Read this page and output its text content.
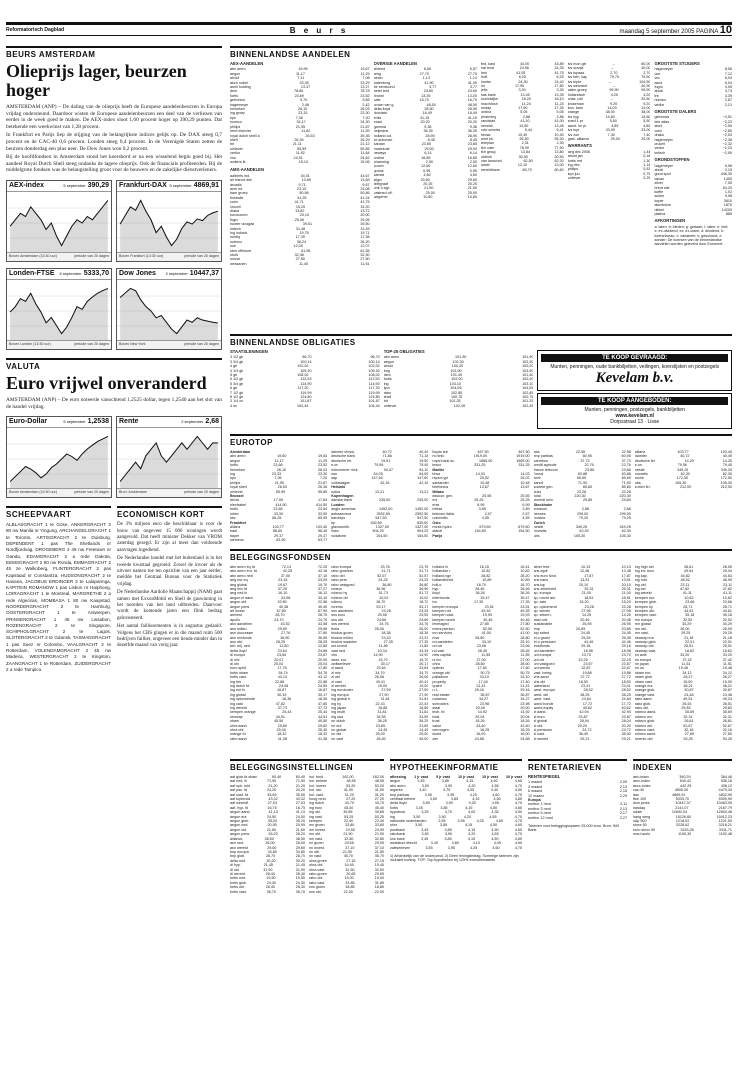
Reformatorisch Dagblad	B e u r s	maandag 5 september 2005 PAGINA 10
BEURS AMSTERDAM
Olieprijs lager, beurzen hoger

AMSTERDAM (ANP) – De daling van de olieprijs heeft de Europese aandelenbeurzen in Europa vrijdag ondersteund. Daardoor wisten de Europese aandelenbeurzen een deel van de verliezen van eerder in de week goed te maken. De AEX-index sloot 1,60 procent hoger op 390,29 punten. Dat betekende een weekwinst van 1,28 procent.

In Frankfurt en Parijs liep de stijging van de belangrijkste indices gelijk op. De DAX steeg 0,7 procent en de CAC-40 0,6 procent. Londen steeg 0,4 procent. In de Verenigde Staten zetten de beurzen donderdag een plus neer. De Dow Jones won 0,2 procent.

Bij de hoofdfondsen in Amsterdam stond het koersbord er na een wisselend begin goed bij. Het aandeel Royal Dutch Shell steeg ondanks de lagere olieprijs. Ook de financials profiteerden. Bij de middelgrote fondsen was de belangstelling groot voor de bouwers en de zakelijke dienstverleners.

AEX-index	5 september 390,29
Boven Amsterdam (13:30 uur)	periode van 20 dagen
Frankfurt-DAX 5 september 4869,91
Boven Frankfurt (13:30 uur)	periode van 20 dagen
Londen-FTSE 5 september 5333,70
Boven Londen (13:30 uur)	periode van 20 dagen
Dow Jones 2 september 10447,37
Boven New York	periode van 20 dagen
VALUTA
Euro vrijwel onveranderd
AMSTERDAM (ANP) – De euro noteerde vanochtend 1,2525 dollar, tegen 1,2540 aan het slot van de handel vrijdag.
Euro-Dollar	5 september 1,2538
Boven Amsterdam (13:30 uur)	periode van 20 dagen
Rente	2 september 2,68
Bron: Amsterdam	periode van 20 dagen
SCHEEPVAART
ALBLASGRACHT 1 te Gose, ANKERGRACHT 2 80 nw Manila nr Yingung, ARCHANGELGRACHT 1 te Toronto, ARTISGRACHT 2 te Duisburg, DEPENDENT 1 pas The Shetlands nr Nordfjordvag, DROGEBERG 2 45 nw Freetown nr Ganda, EDAMGRACHT 2 a rede Dakota, EEMSGRACHT 2 80 nw Ronda, EMMAGRACHT 2 45 ze Walkoberg, FLINTERGRACHT 2 pas Kapstaad nr Constantza, HUDSONGRACHT 2 te Havana, JACOBUS ERDINGER 2 te Lalaparinga, KAPITEIN ROMANOW 1 pas Lisbon nr Haiphong, LOIRAGRACHT 1 te Montreal, MARGRETHE 2 a rede Algeciras, MOMBASA 1 80 nw Kaapstad, NOORDERGRACHT 2 te Hamburg, OOSTERGRACHT 1 te Antwerpen, PRINSENGRACHT 1 45 nw Lissabon, ROZENGRACHT 2 te Singapore, SCHIPHOLGRACHT 2 te Lagos, SLOTERGRACHT 2 te Gdansk, TASMANGRACHT 1 pas Suez nr Colombo, VAALGRACHT 2 te Rotterdam, VOLENDAMGRACHT 2 45 nw Madeira, WESTERGRACHT 2 te Kingston, ZAANGRACHT 1 te Rotterdam, ZUIDERGRACHT 2 a rede Tampico.
ECONOMISCH KORT

De 3% miljoen euro die beschikbaar is voor de bouw van ongeveer 15 000 woningen wordt aangevuld. Dat heeft minister Dekker van VROM zaterdag gezegd. Er zijn al meer dan voldoende aanvragen ingediend.

De Nederlandse handel met het buitenland is in het tweede kwartaal gegroeid. Zowel de invoer als de uitvoer namen toe ten opzichte van een jaar eerder, meldde het Centraal Bureau voor de Statistiek vrijdag.

De Nederlandse Aardolie Maatschappij (NAM) gaat samen met ExxonMobil en Shell de gaswinning in het noorden van het land uitbreiden. Daarvoor wordt de komende jaren een flink bedrag geïnvesteerd.

Het aantal faillissementen is in augustus gedaald. Volgens het CBS gingen er in die maand ruim 500 bedrijven failliet, ongeveer een tiende minder dan in dezelfde maand van vorig jaar.

BINNENLANDSE AANDELEN
AEX-AANDELEN
abn amro	19,99	19,67
aegon	11,17	11,29
ahold	7,11	7,08
akzo nobel	33,35	33,29
asml holding	13,37	13,27
dsm	78,86	78,78
fortis	23,69	23,52
getronics	9,70	9,65
hagemeyer	2,46	2,42
heineken	26,10	26,03
ing groep	23,33	23,30
kpn	7,36	7,20
numico	34,17	34,30
philips	21,95	21,87
reed elsevier	11,62	11,59
royal dutch shell a	26,53	26,36
shell	26,35	26,29
tnt	21,11	21,12
unilever	55,99	55,85
vedior	11,92	11,64
vnu	24,91	24,62
wolters kl.	15,10	15,06
AMX-AANDELEN
aalberts ind.	44,01	43,67
air france-klm	13,69	13,69
arcadis	9,71	9,67
asm int.	23,10	23,08
bam groep	50,98	50,86
boskalis	41,25	41,24
corio	41,71	41,75
crucell	15,20	15,20
draka	13,82	13,72
eurocomm.	20,10	20,00
fugro	25,06	25,05
hunter douglas	39,51	39,50
imtech	31,48	31,49
ing industr.	19,75	19,71
mediq	17,39	17,38
nutreco	36,24	36,20
oce	12,05	12,07
sbm offshore	61,55	61,55
stork	32,46	32,30
univar	27,50	27,50
wessanen	11,40	11,51
OVERIGE AANDELEN
ahrend	6,60	6,57
amg	27,70	27,70
bever	1,13	1,13
batenburg	41,90	41,90
be semicond.	3,77	3,77
beter bed	24,60	24,60
brunel	13,25	13,25
cate	16,70	16,70
crown van g.	48,50	48,50
delta lloyd	28,50	28,50
docdata	18,49	18,49
eriks	41,15	41,15
exact	20,20	20,20
gamma	9,38	9,38
heijmans	36,35	36,35
holland col.	28,90	28,90
ict automat.	8,45	8,45
kardan	23,65	23,65
macintosh	29,00	29,00
neways	6,14	6,14
ordina	16,85	16,85
pharming	2,50	2,50
punch	12,60	12,60
qurius	0,95	0,95
samas	4,60	4,60
sligro	29,60	29,60
telegraaf	20,25	20,25
unit 4 agr.	21,50	21,50
vastned off.	25,00	25,00
wegener	10,80	10,80
fed. kast	44,00	43,89
hal trust	24,56	24,35
hes	41,05	41,75
hoff.	6,25	6,25
hunter	24,30	24,42
ict	17,90	17,80
jetix	3,30	3,30
kas bank	13,45	13,35
koninklijke	18,20	18,10
macintosh	11,24	11,24
nedap	17,50	17,35
ordina	5,05	5,05
pharming	2,88	2,86
randstad	41,10	41,00
reesink	13,50	13,45
roto smeets	5,44	5,41
simac	10,40	10,40
smit int.	55,50	55,30
teleplan	2,31	2,30
ten cate	78,00	77,90
tkh group	13,84	13,80
ubbink	30,50	30,50
van lanschot	62,50	62,30
wavin	13,10	13,00
wereldhave	80,70	80,60
ivs mon gel	–	60,00
ivs oranje	–	40,00
ivs topaas	2,70	2,70
ivs beh. kap	79,75	79,50
ivs triple	–	104,50
ivs welvaart	–	40,90
claim groep	99,90	99,90
hollandsch	4,25	4,25
chas. pfd	–	92,60
kruseman	9,20	9,20
kon. bam	14,00	14,00
orange	38,00	38,00
ivs hyp	14,60	14,60
sned 1 pr	5,50	5,50
aand. hn pr	4,85	4,85
ivs topf	33,00	33,00
ivs zon	7,40	7,40
gast. alliance	25,00	25,00
WARRANTS
aeg dec 2006	1,44
ahold jan	0,18
fortis mrt	1,30
ing dec	1,14
philips	0,53
kpn jun	0,75
unilever	2,25
GROOTSTE STIJGERS
hagemeyer	8,56
oce	7,12
vnu	6,94
asml	6,04
fugro	4,05
ahold	3,74
tnt	3,39
numico	2,87
vedior	2,21
GROOTSTE DALERS
getronics	−4,51
tele atlas	−3,23
stork	−2,94
corio	−2,80
draka	−2,53
hagemeyer	−2,38
crucell	−2,32
vedior	−2,23
imtech	−2,09
GRONDSTOFFEN
hagemeyer	0,96
ahold	2,15
goud spot	446,30
cacao	1450
zilver	7,05
brent olie	64,20
koffie	1,02
suiker	9,98
koper	3810
aluminium	1870
nikkel	14200
platina	885
AFKORTINGEN
a: laten; b: bieden; g: gedaan; l: laten; n: niet; e: ex-dividend; ex: ex-claim; d: dividend; k: koersniveau; v: variabele; s: geschorst; z: zonder; De koersen van de binnenlandse aandelen worden geleverd door Euronext.
BINNENLANDSE OBLIGATIES
STAATSLENINGEN
3 1/2 gb	96,70	96,70
3 3/4 gb	100,14	100,14
4 gb	102,02	102,02
4 1/4 gb	105,30	105,30
5 gb	108,02	108,02
5 1/2 gb	112,53	112,53
5 3/4 gb	114,90	114,90
6 gb	117,20	117,20
7 1/2 gb	119,99	119,99
8 1/2 gb	124,80	124,80
3 1/4 ov	101,87	101,87
4 ov	104,44	104,44
TOP-25 OBLIGATIES
abn amro	101,90	101,90
aegon	102,30	102,30
ahold	100,20	100,20
bng	103,90	103,90
dsm	101,40	101,40
fortis	102,00	102,00
ing	103,10	103,10
kpn	104,05	104,05
rabo	102,85	102,85
shell	100,75	100,75
tnt	101,25	101,25
unilever	102,45	102,45
TE KOOP GEVRAAGD:
Munten, penningen, oude bankbiljetten, veilingen, koerslijsten en postzegels
Kevelam b.v.
TE KOOP AANGEBODEN:
Munten, penningen, postzegels, bankbiljetten
www.kevelam.nl
Dorpsstraat 13 · Lisse
EUROTOP
Amsterdam
abn amro	19,60	19,63
aegon	11,17	11,29
fortis	23,68	23,52
heineken	26,10	26,03
ing	23,33	23,30
kpn	7,36	7,20
philips	21,95	21,87
royal shell	26,53	26,36
unilever	55,99	55,85
Brussel
dexia	17,55	17,64
electrabel	414,50	414,50
fortis	23,65	23,54
inbev	33,30	33,50
kbc	66,25	65,95
Frankfurt
allianz	103,77	103,40
basf	58,60	58,40
bayer	29,37	29,37
siemens	63,90	63,77
daimler chrysl.	40,72	40,49
deutsche bank	71,86	71,18
deutsche tel.	19,51	19,50
e.on	79,56	79,45
münchener rück	94,47	94,10
rwe	54,05	54,05
sap	147,60	147,60
volkswagen	42,16	42,16
Helsinki
nokia	13,21	13,21
Kopenhagen
danske bank	235,00	235,00
Londen
anglo american	1452,00	1452,00
astrazeneca	2592,50	2592,50
barclays	547,50	547,50
bp	630,50	630,50
glaxosmith.	1327,00	1327,00
hsbc	904,25	904,25
vodafone	154,50	154,50
lloyds tsb	467,50	467,50
rio tinto	1919,00	1919,00
royal bank sc.	1665,00	1665,00
tesco	331,25	331,25
Madrid
bbva	14,03	14,03
repsol ypf	25,02	25,02
santander	10,48	10,48
telefonica	13,67	13,67
Milaan
assicur. gen.	25,55	25,55
eni	25,25	25,25
enel	6,99	6,99
intesa	3,89	3,89
telecom italia	2,57	2,57
unicredito	4,55	4,55
Oslo
norsk hydro	679,50	679,50
statoil	154,50	154,50
Parijs
axa	22,56	22,56
bnp paribas	60,95	60,95
carrefour	37,73	37,73
credit agricole	22,76	22,76
france telecom	23,86	23,86
l'oreal	63,88	63,88
lvmh	65,69	65,69
sanofi	71,90	71,90
societe gen.	85,60	85,60
suez	23,26	23,26
total	220,30	220,30
vivendi univ.	25,80	25,80
Stockholm
ericsson	2,88	2,88
hennes	299,00	299,00
nordea	79,25	79,25
Zurich
nestle	349,25	349,25
novartis	62,30	62,30
ubs	105,30	105,30
allianz	103,77	103,40
daimler	40,72	40,49
deutsche tel.	14,20	14,20
e.on	79,56	79,45
nestle	349,25	349,25
novartis	62,30	62,30
roche	172,50	172,50
ubs	105,30	105,30
zurich fin.	212,00	212,00
BELEGGINGSFONDSEN
abn amro eq fd	72,13	72,25
abn amro eur. fd	42,25	42,16
abn amro ned	37,00	37,10
aeg eur eq	23,16	23,20
aeg global	19,67	19,70
aeg mix fd	37,25	37,27
aeg ned fd	16,10	16,12
aegon nl aand	34,08	34,10
aegon obl	22,60	22,58
aegon pens	40,38	40,40
alt invest	67,80	67,90
amvest	28,70	28,75
apollo	24,70	24,70
asn aandelen	43,52	43,58
asn milieu	29,60	29,66
asn duurzaam	27,76	27,80
asn mixfonds	36,50	36,55
asn obl.	28,25	28,25
bel. mij. ned	12,80	12,80
delta lloyd	24,64	24,66
dl europa	23,66	23,67
dl mix	20,07	20,09
dl obl	25,04	25,04
euro spirit	17,75	17,80
fortis obam	54,74	54,78
fortis vast.	43,10	43,12
ing ber	22,88	22,88
ing dutch fd	24,48	24,50
ing eur fd	16,87	16,87
ing global	30,15	30,17
ing opkomende	18,36	18,36
ing vast	47,82	47,80
ing wereld	37,73	37,73
kempen orange	25,44	25,44
newcap	44,51	44,51
obam	45,50	45,50
ohra aand	29,80	29,82
ohra obl.	25,40	25,40
orange fd	18,32	18,32
rabo aand	31,38	31,38
rabo europa	23,78	23,78
rabo groeiers	31,71	31,71
rabo obl	52,57	52,57
rabo pers	24,25	24,25
rabo vastgoed	36,80	36,80
robeco	36,96	36,96
robeco hy	51,73	51,73
robeco obl	10,02	10,02
rolinco	18,70	18,70
rorento	53,17	53,17
sns aandelen	23,28	23,28
sns euro	25,55	25,55
sns obl.	24,66	24,66
sns wereld	24,76	24,76
theta	26,00	26,00
triodos groen	18,38	18,38
triodos milieu	23,33	23,33
triodos waarden	27,35	27,35
uni-invest	11,85	11,85
vast ned	43,34	43,34
vhs	14,90	14,90
west. eur.	15,70	15,70
zwitserleven	30,17	30,17
zl aand	23,64	23,64
zl mix	34,79	34,79
zl obl	26,06	26,06
zl vast	40,41	40,41
zl wereld	19,00	19,00
ing euroboter	27,59	27,59
ing europa	27,90	27,90
ing global h.	31,61	31,61
ing hy	22,43	22,43
ing japan	16,86	16,86
ing multi	31,81	31,81
ing usa	34,55	34,55
nn dutch	36,25	36,25
nn eur	23,85	23,85
nn global	14,45	14,45
nn obl	25,00	25,00
nn vast	45,00	45,00
holland fd	16,15	16,41
hollandse r.	10,82	10,82
holland.vgn	28,82	28,20
hollandfonds	10,89	10,89
holl.o.	16,70	16,70
hyp.	28,46	28,46
ikoyi	36,26	36,26
interbonds	39,47	39,47
ivs	17,35	17,35
kempen europa	23,51	23,51
kempen obl	49,35	49,35
kempen vast.	19,93	19,93
kempen world	40,46	40,46
leveraged	27,80	27,80
mees pierson	52,50	52,50
mn services	41,00	41,00
mvs	28,80	28,80
nd aandelen	33,10	33,10
nd obl	23,06	23,06
nd vast	28,45	28,45
new capital	11,55	11,55
nl inv.	27,00	27,00
ohra	28,60	28,60
optimix	17,60	17,60
orange obl	50,75	50,75
palladium	33,10	33,10
property	17,40	17,40
quant	21,41	21,41
r.i.t.	29,16	29,16
real estate	36,87	36,87
rodamco	34,27	34,27
schroders	23,98	23,98
staal	20,00	20,00
tech. fd	14,92	14,92
total	20,04	20,04
trust	18,26	18,26
value	43,40	43,40
vermogen	18,25	18,25
world	16,00	16,00
zen	24,68	24,68
silver tree	10,13	10,13
sns egdf	12,48	12,48
sns euro fund	17,87	17,87
sns kans	13,51	13,51
sns top	20,10	20,10
sns zekerheid	25,31	25,31
sp. europa	21,00	21,00
sp. noord am.	18,51	18,51
sp. azie	15,20	15,20
sp. opkomend	23,28	23,28
sp. wereld	27,95	27,95
sp. zekerh.	14,25	14,25
stad rott.	20,46	20,46
sustainable	26,95	26,95
tmp	20,89	20,89
top select	24,45	24,45
tri.o groen	25,35	25,35
tri.o pensioen	44,46	44,46
trustfonds	29,16	29,16
uni aandelen	18,98	18,98
uni europa	23,70	23,70
uni obl	32,25	32,25
uni vastgoed	23,57	23,57
uni wereld	32,87	32,87
vast. beleg.	19,88	19,88
vhs aand	27,72	27,72
vhs obl	18,50	18,50
waterland	23,41	23,41
west. europa	28,52	28,52
west. obl	38,25	38,25
west. vast.	24,84	24,84
world bonds	17,72	17,72
world equity	40,62	40,62
zl aand.	42,94	42,94
zl euro	23,87	23,87
zl global	28,04	28,04
zl obl.	20,20	20,20
zl pensioen	24,72	24,72
zl vast.	36,40	36,40
zl wereld	29,21	29,21
ing high sel.	28,61	28,05
ing inv. fund	29,54	29,44
ing kap.	44,82	44,63
ing mid.	46,02	46,09
ing obl.	23,11	23,11
ing sel.	47,82	47,82
ing wereld	41,11	41,11
kempen eur.	10,62	10,62
kempen glob.	23,66	23,66
kempen hy	28,71	28,71
kempen obl.	44,61	44,61
kempen vast.	35,18	35,18
mn europa	32,52	32,52
mn global	30,29	30,29
mn obl.	26,00	26,00
mn vast.	29,25	29,25
newcap eur.	21,18	21,18
newcap glob.	22,01	22,01
newcap obl.	25,51	25,51
newcap vast.	18,62	18,62
nn azie	33,20	33,20
nn europa	37,42	37,42
nn japan	11,51	11,51
nn us	19,48	19,48
obam eur.	34,12	34,12
obam glob.	28,27	28,27
obam vast.	15,00	15,00
orange eur.	46,21	46,21
orange glob.	30,87	30,87
orange vast.	24,48	24,48
rabo aand.	49,24	49,24
rabo glob.	26,51	26,51
rabo obl.	29,83	29,83
robeco aand.	35,69	35,69
robeco eur.	32,31	32,31
robeco glob.	26,81	26,81
robeco obl.	52,67	52,67
robeco vast.	32,16	32,16
rolinco aand.	27,69	27,69
rorento obl.	53,25	53,25
BELEGGINGSINSTELLINGEN
aaf glob.fd.obam	60,40	60,40
aaf ned. fd	71,90	71,90
aaf opk. mkt	21,20	21,20
aaf pac. fd	24,20	24,20
aaf sust. fd	35,65	35,65
aaf topfonds	43,32	43,32
aaf wereldf.	27,03	27,03
aaf. hyp. fd	16,75	16,75
aegon aand.	41,13	41,13
aegon eur.	24,50	24,50
aegon glob.	35,20	35,20
aegon ned.	20,95	20,95
aegon obl.	21,60	21,60
aegon pens.	26,20	26,20
alliance	38,50	38,50
asn ned.	26,00	26,00
asn wereld	29,60	29,60
bnp europa	34,80	34,80
bnp glob.	28,70	28,70
delta ned.	30,20	30,20
dl hyp.	21,45	21,45
dl obl.	31,90	31,90
dl wereld	28,40	28,40
fortis ned.	19,50	19,50
fortis glob.	24,30	24,30
fortis obl.	26,40	26,40
fortis vast.	36,70	36,70
hol. fund	162,00	162,00
hol. beheer	48,95	48,95
hol. invest.	53,20	53,20
hol. obl.	41,00	41,00
hol. vast.	31,20	31,20
hoog rend.	27,20	27,20
ing dutch	43,70	43,70
ing euro	45,40	45,40
ing obl.	39,65	39,65
ing vast.	53,25	53,25
kempen	22,40	22,40
mn groen	33,80	33,80
mn invest.	24,90	24,90
mn obl.	21,90	21,90
mn vast.	32,80	32,80
nn groen	29,55	29,55
nn invest.	37,10	37,10
nn obl.	21,50	21,50
nn vast.	45,70	45,70
ohra groen	27,15	27,15
ohra obl.	19,45	19,45
ohra vast.	32,50	32,50
rabo groen	20,65	20,65
rabo obl.	19,00	19,00
rabo vast.	31,85	31,85
sns groen	18,85	18,85
sns obl.	22,00	22,00
HYPOTHEEKINFORMATIE
aflossing 1 jr vast 5 jr vast 10 jr vast 15 jr vast 20 jr vast
aegon	3,45	3,85	4,15	4,50	4,65
abn amro	3,50	3,90	4,20	4,55	4,70
argenta	3,40	3,75	4,05	4,40	4,55
bnp paribas	3,55	3,95	4,25	4,60	4,75
centraal beheer	3,50	3,85	4,15	4,50	4,65
delta lloyd	3,55	3,90	4,20	4,55	4,70
fortis	3,45	3,85	4,15	4,50	4,65
hypotrust	3,35	3,70	4,00	4,35	4,50
ing	3,50	3,90	4,20	4,55	4,70
nationale nederlanden	3,55	3,95	4,25	4,60	4,75
ohra	3,50	3,85	4,15	4,50	4,65
postbank	3,45	3,85	4,15	4,50	4,65
rabobank	3,50	3,90	4,20	4,55	4,70
sns bank	3,45	3,85	4,15	4,50	4,65
westland utrecht	3,40	3,80	4,10	4,45	4,60
zwitserleven	3,55	3,95	4,25	4,60	4,75
1) Afhankelijk van de onderpand. 2) Geen leningbedrag. Sommige tarieven zijn inclusief korting. TOP: Top-hypotheken bij 125% executiewaarde
RENTETARIEVEN
RENTESPIEGEL
1 maand	2,09
3 maand	2,13
6 maand	2,18
12 maand	2,29
Europa
euribor 1 mnd	2,11
euribor 3 mnd	2,13
euribor 6 mnd	2,17
euribor 12 mnd	2,27
Tarieven voor beleggingssparen 25.000 euro. Bron: ING Bank
INDEXEN
aex-index	390,29	384,46
amx-index	540,42	536,18
ascx-index	442,25	438,12
cac-40	4506,30	4479,34
dax	4869,91	4832,09
ftse 100	5333,70	5309,90
dow jones	10447,37	10463,05
nasdaq	2141,07	2167,79
nikkei	12692,04	12600,46
hang seng	15126,60	15012,23
s&p 500	1218,02	1221,59
stoxx 50	3228,62	3218,21
euro stoxx 50	3333,28	3311,71
msci world	1190,30	1192,48
